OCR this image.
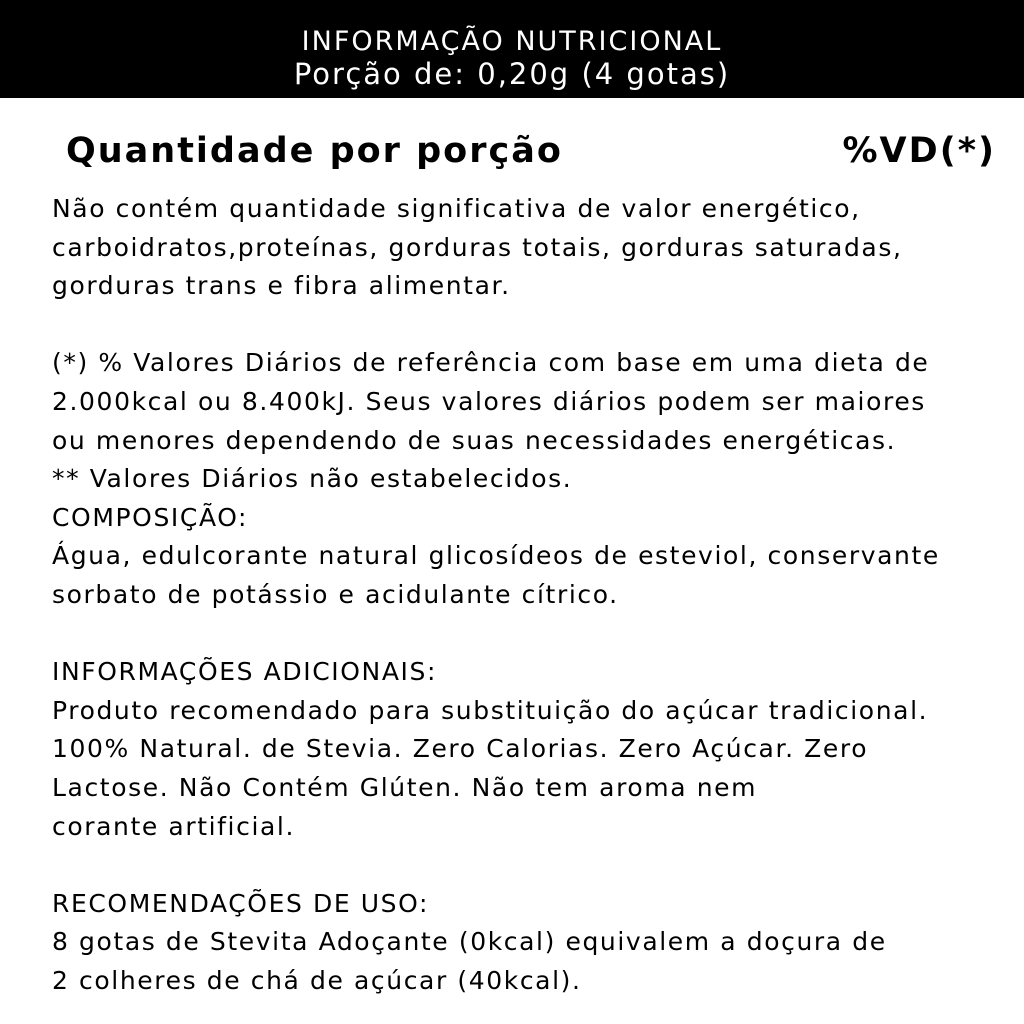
INFORMAÇÃO NUTRICIONAL
Porção de: 0,20g (4 gotas)
Quantidade por porção	%VD(*)
Não contém quantidade significativa de valor energético,
carboidratos,proteínas, gorduras totais, gorduras saturadas,
gorduras trans e fibra alimentar.
(*) % Valores Diários de referência com base em uma dieta de
2.000kcal ou 8.400kJ. Seus valores diários podem ser maiores
ou menores dependendo de suas necessidades energéticas.
** Valores Diários não estabelecidos.
COMPOSIÇÃO:
Água, edulcorante natural glicosídeos de esteviol, conservante
sorbato de potássio e acidulante cítrico.
INFORMAÇÕES ADICIONAIS:
Produto recomendado para substituição do açúcar tradicional.
100% Natural. de Stevia. Zero Calorias. Zero Açúcar. Zero
Lactose. Não Contém Glúten. Não tem aroma nem
corante artificial.
RECOMENDAÇÕES DE USO:
8 gotas de Stevita Adoçante (0kcal) equivalem a doçura de
2 colheres de chá de açúcar (40kcal).
